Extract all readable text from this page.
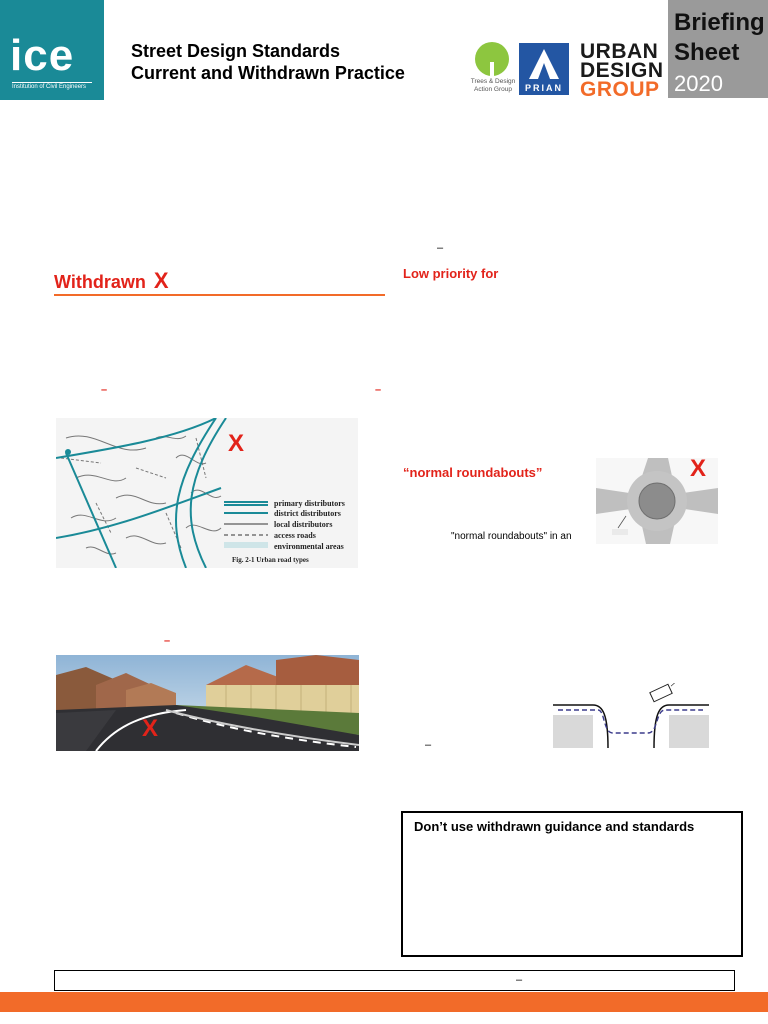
ice
Institution of Civil Engineers
Street Design Standards
Current and Withdrawn Practice	Trees & Design Action Group	PRIAN
URBAN
DESIGN
GROUP
Briefing
Sheet
2020
Withdrawn X
–	–
primary distributors
district distributors
local distributors
access roads
environmental areas
Fig. 2-1 Urban road types
X
–
X
–
Low priority for
“normal roundabouts”
"normal roundabouts" in an
X
–
Don’t use withdrawn guidance and standards
–
